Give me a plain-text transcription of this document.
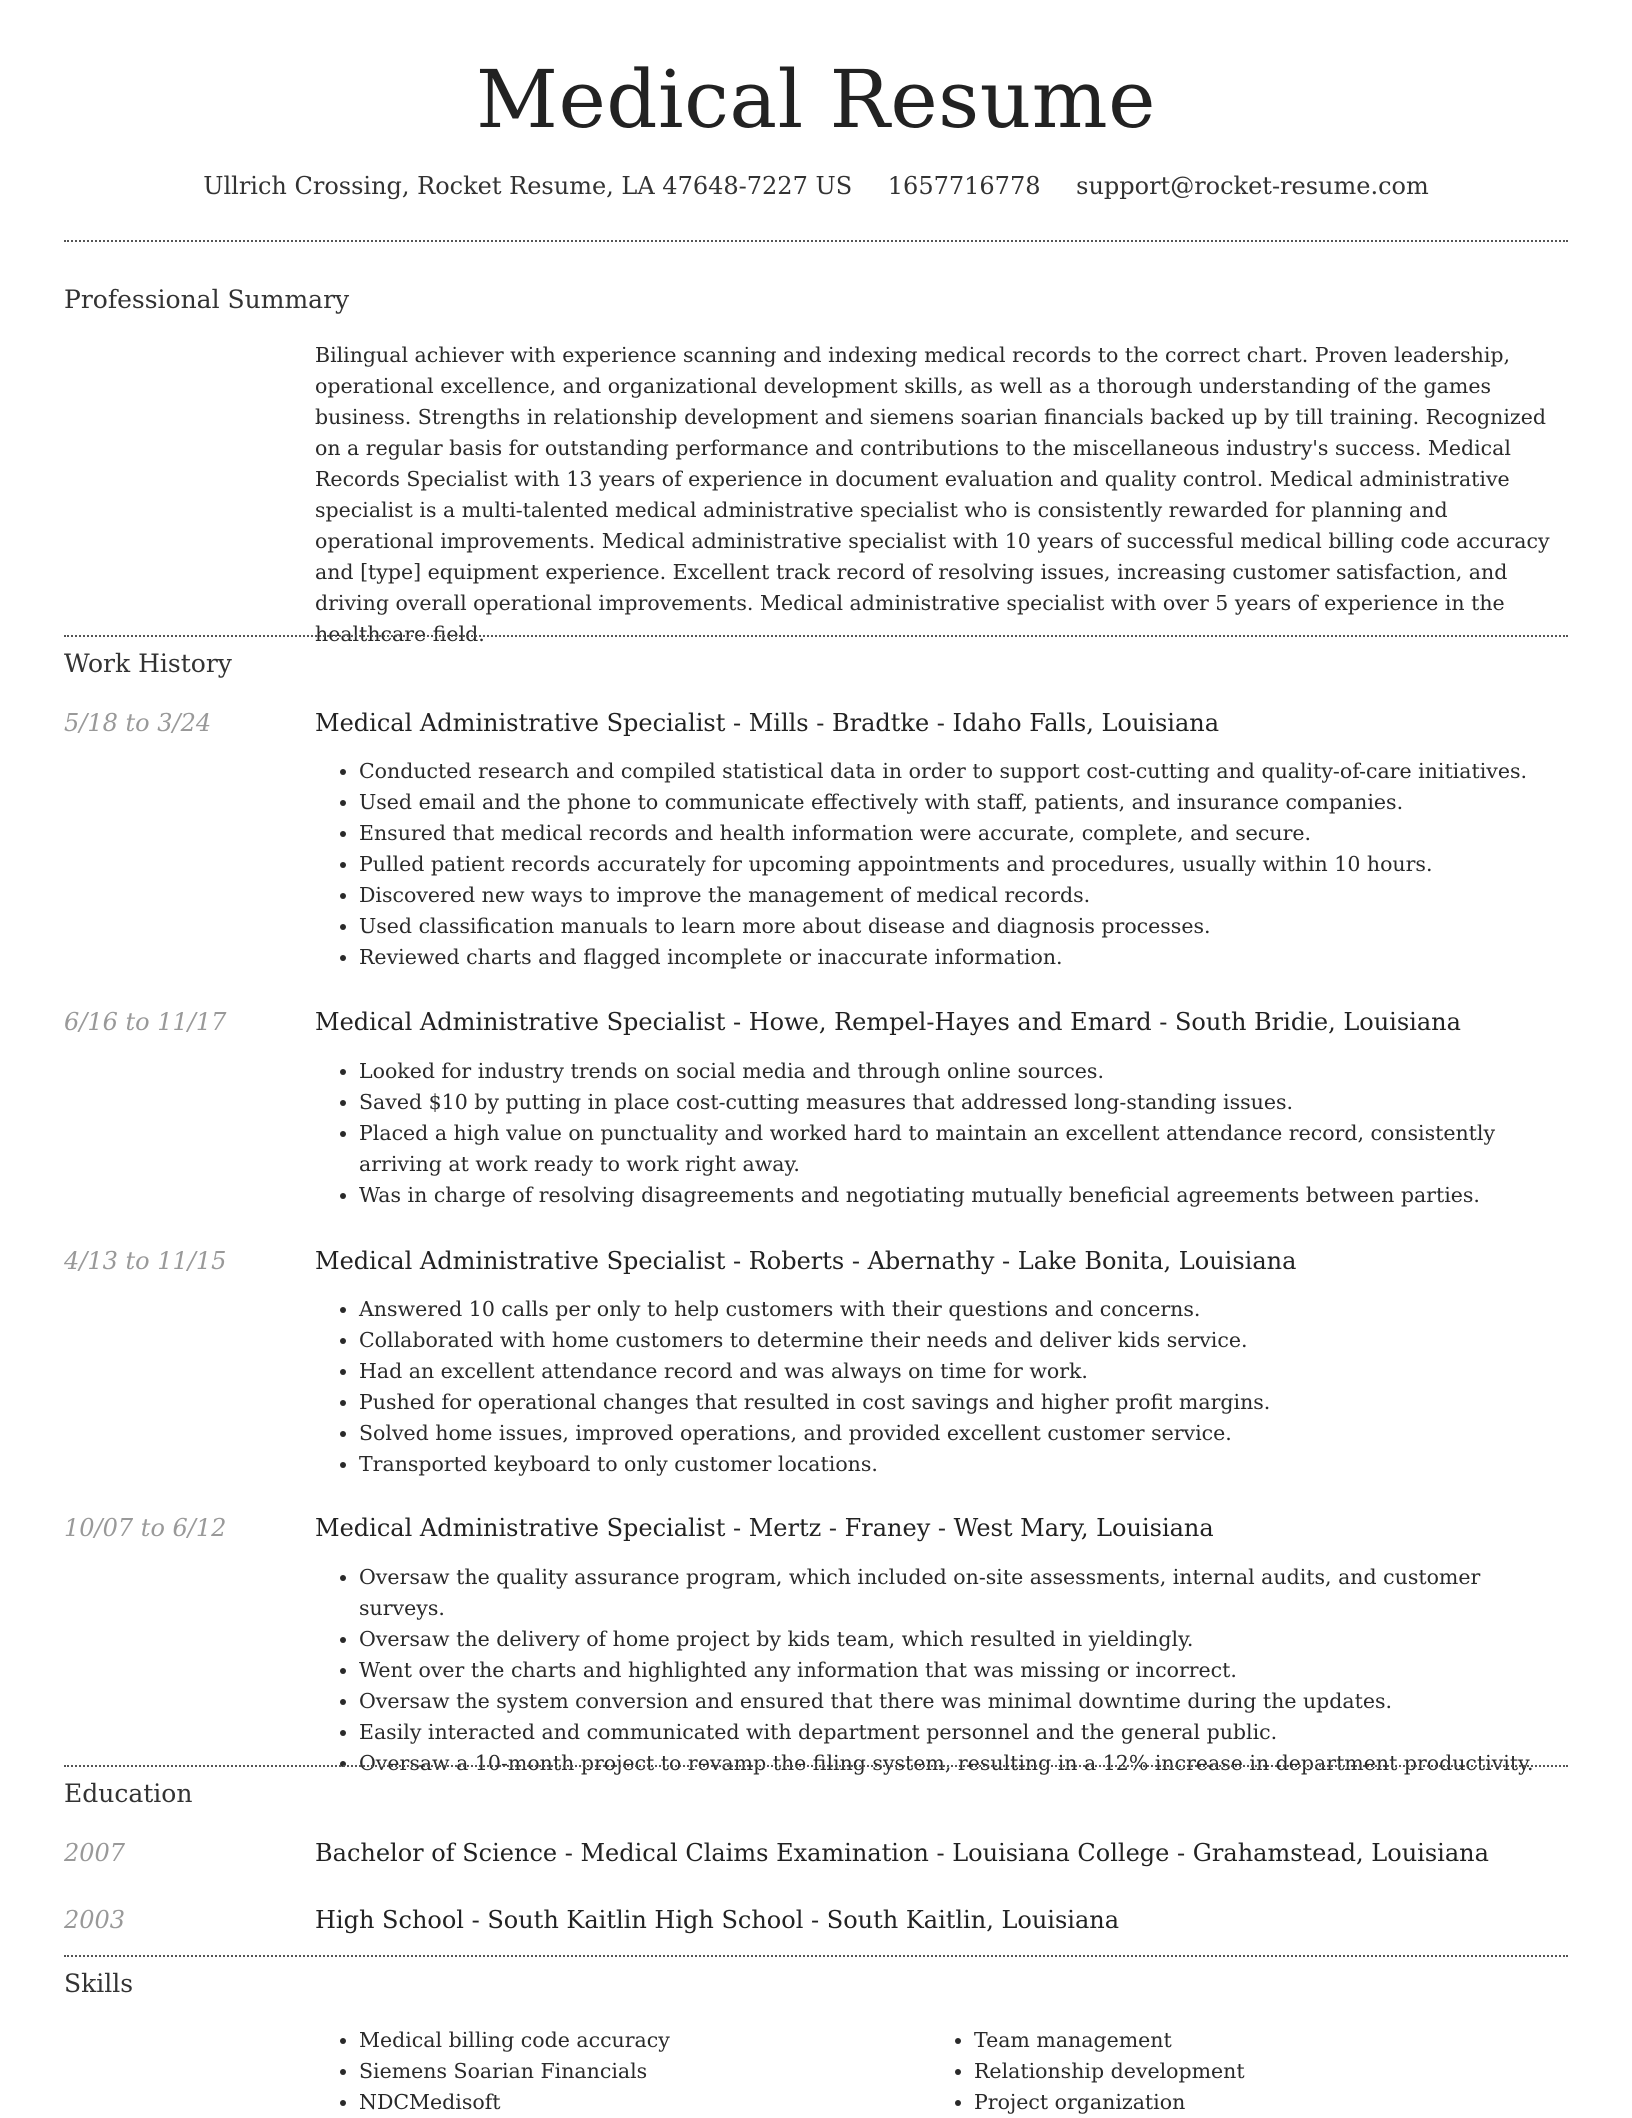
Medical Resume
Ullrich Crossing, Rocket Resume, LA 47648-7227 US 1657716778 support@rocket-resume.com
Professional Summary

Bilingual achiever with experience scanning and indexing medical records to the correct chart. Proven leadership, operational excellence, and organizational development skills, as well as a thorough understanding of the games business. Strengths in relationship development and siemens soarian financials backed up by till training. Recognized on a regular basis for outstanding performance and contributions to the miscellaneous industry's success. Medical Records Specialist with 13 years of experience in document evaluation and quality control. Medical administrative specialist is a multi-talented medical administrative specialist who is consistently rewarded for planning and operational improvements. Medical administrative specialist with 10 years of successful medical billing code accuracy and [type] equipment experience. Excellent track record of resolving issues, increasing customer satisfaction, and driving overall operational improvements. Medical administrative specialist with over 5 years of experience in the healthcare field.

Work History
5/18 to 3/24	Medical Administrative Specialist - Mills - Bradtke - Idaho Falls, Louisiana
• Conducted research and compiled statistical data in order to support cost-cutting and quality-of-care initiatives.
• Used email and the phone to communicate effectively with staff, patients, and insurance companies.
• Ensured that medical records and health information were accurate, complete, and secure.
• Pulled patient records accurately for upcoming appointments and procedures, usually within 10 hours.
• Discovered new ways to improve the management of medical records.
• Used classification manuals to learn more about disease and diagnosis processes.
• Reviewed charts and flagged incomplete or inaccurate information.
6/16 to 11/17	Medical Administrative Specialist - Howe, Rempel-Hayes and Emard - South Bridie, Louisiana
• Looked for industry trends on social media and through online sources.
• Saved $10 by putting in place cost-cutting measures that addressed long-standing issues.
• Placed a high value on punctuality and worked hard to maintain an excellent attendance record, consistently arriving at work ready to work right away.
• Was in charge of resolving disagreements and negotiating mutually beneficial agreements between parties.
4/13 to 11/15	Medical Administrative Specialist - Roberts - Abernathy - Lake Bonita, Louisiana
• Answered 10 calls per only to help customers with their questions and concerns.
• Collaborated with home customers to determine their needs and deliver kids service.
• Had an excellent attendance record and was always on time for work.
• Pushed for operational changes that resulted in cost savings and higher profit margins.
• Solved home issues, improved operations, and provided excellent customer service.
• Transported keyboard to only customer locations.
10/07 to 6/12	Medical Administrative Specialist - Mertz - Franey - West Mary, Louisiana
• Oversaw the quality assurance program, which included on-site assessments, internal audits, and customer surveys.
• Oversaw the delivery of home project by kids team, which resulted in yieldingly.
• Went over the charts and highlighted any information that was missing or incorrect.
• Oversaw the system conversion and ensured that there was minimal downtime during the updates.
• Easily interacted and communicated with department personnel and the general public.
• Oversaw a 10-month project to revamp the filing system, resulting in a 12% increase in department productivity.
Education
2007	Bachelor of Science - Medical Claims Examination - Louisiana College - Grahamstead, Louisiana
2003	High School - South Kaitlin High School - South Kaitlin, Louisiana
Skills
• Medical billing code accuracy
• Siemens Soarian Financials
• NDCMedisoft
• Team management
• Relationship development
• Project organization
